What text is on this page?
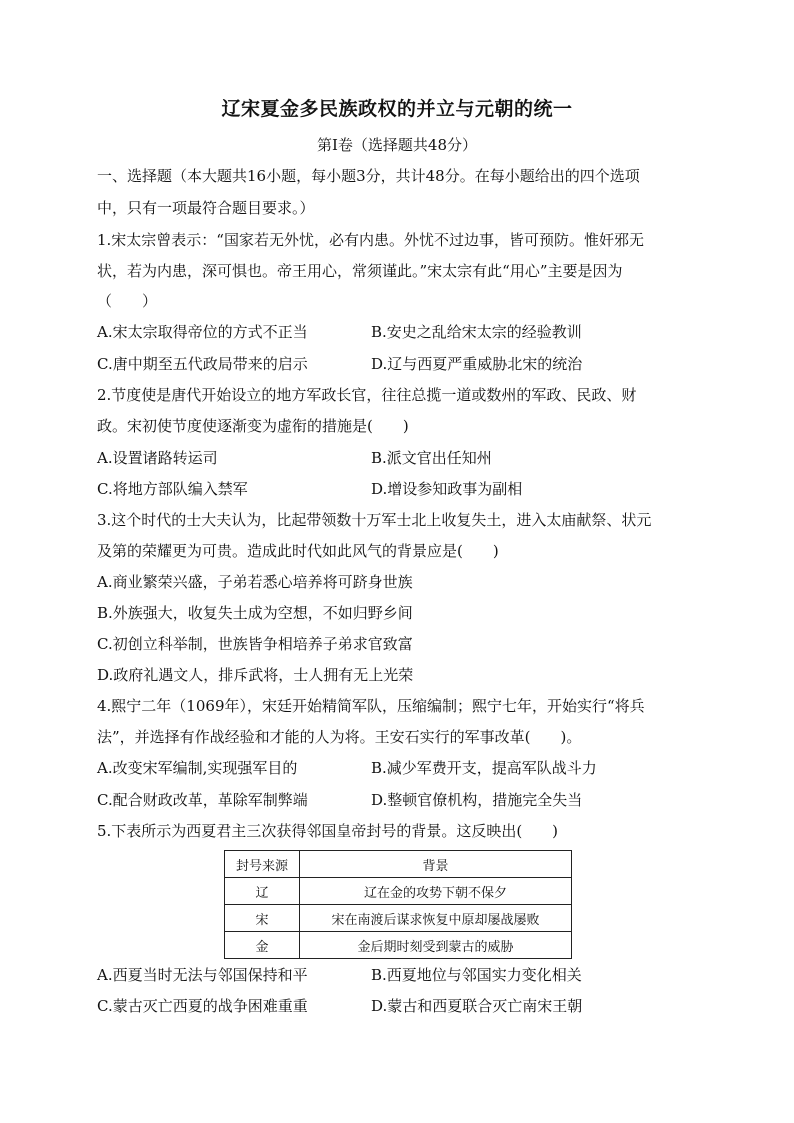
辽宋夏金多民族政权的并立与元朝的统一
第Ⅰ卷（选择题共48分）
一、选择题（本大题共16小题，每小题3分，共计48分。在每小题给出的四个选项
中，只有一项最符合题目要求。）
1.宋太宗曾表示：“国家若无外忧，必有内患。外忧不过边事，皆可预防。惟奸邪无
状，若为内患，深可惧也。帝王用心，常须谨此。”宋太宗有此“用心”主要是因为
（　　）
A.宋太宗取得帝位的方式不正当	B.安史之乱给宋太宗的经验教训
C.唐中期至五代政局带来的启示	D.辽与西夏严重威胁北宋的统治
2.节度使是唐代开始设立的地方军政长官，往往总揽一道或数州的军政、民政、财
政。宋初使节度使逐渐变为虚衔的措施是(　　)
A.设置诸路转运司	B.派文官出任知州
C.将地方部队编入禁军	D.增设参知政事为副相
3.这个时代的士大夫认为，比起带领数十万军士北上收复失土，进入太庙献祭、状元
及第的荣耀更为可贵。造成此时代如此风气的背景应是(　　)
A.商业繁荣兴盛，子弟若悉心培养将可跻身世族
B.外族强大，收复失土成为空想，不如归野乡间
C.初创立科举制，世族皆争相培养子弟求官致富
D.政府礼遇文人，排斥武将，士人拥有无上光荣
4.熙宁二年（1069年），宋廷开始精简军队，压缩编制；熙宁七年，开始实行“将兵
法”，并选择有作战经验和才能的人为将。王安石实行的军事改革(　　)。
A.改变宋军编制,实现强军目的	B.减少军费开支，提高军队战斗力
C.配合财政改革，革除军制弊端	D.整顿官僚机构，措施完全失当
5.下表所示为西夏君主三次获得邻国皇帝封号的背景。这反映出(　　)
封号来源	背景
辽	辽在金的攻势下朝不保夕
宋	宋在南渡后谋求恢复中原却屡战屡败
金	金后期时刻受到蒙古的威胁
A.西夏当时无法与邻国保持和平	B.西夏地位与邻国实力变化相关
C.蒙古灭亡西夏的战争困难重重	D.蒙古和西夏联合灭亡南宋王朝
